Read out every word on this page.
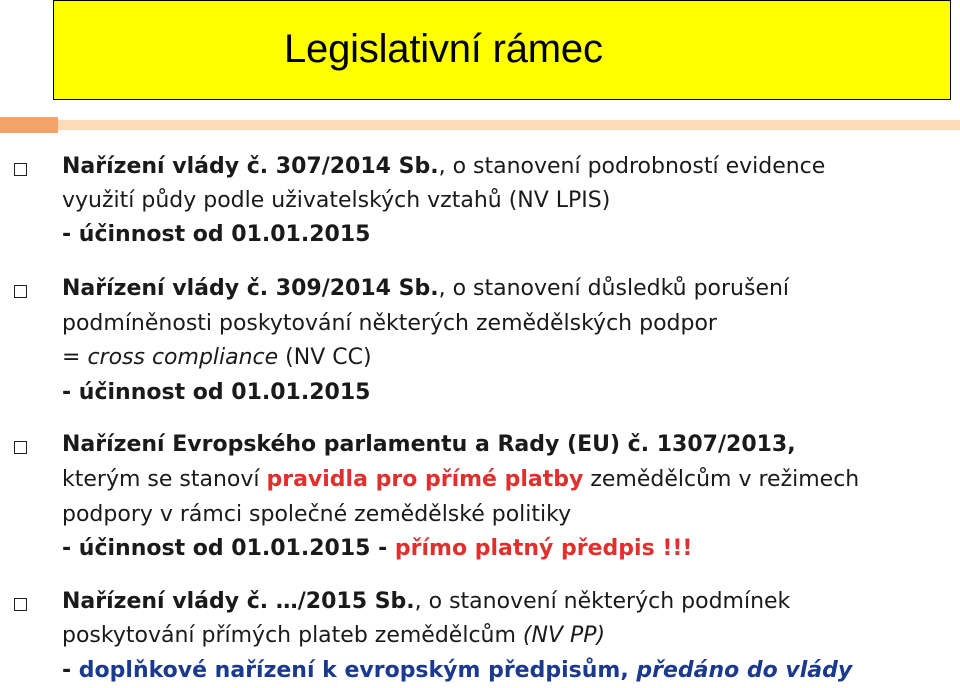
Legislativní rámec
Nařízení vlády č. 307/2014 Sb., o stanovení podrobností evidence
využití půdy podle uživatelských vztahů (NV LPIS)
- účinnost od 01.01.2015
Nařízení vlády č. 309/2014 Sb., o stanovení důsledků porušení
podmíněnosti poskytování některých zemědělských podpor
= cross compliance (NV CC)
- účinnost od 01.01.2015
Nařízení Evropského parlamentu a Rady (EU) č. 1307/2013,
kterým se stanoví pravidla pro přímé platby zemědělcům v režimech
podpory v rámci společné zemědělské politiky
- účinnost od 01.01.2015 - přímo platný předpis !!!
Nařízení vlády č. …/2015 Sb., o stanovení některých podmínek
poskytování přímých plateb zemědělcům (NV PP)
- doplňkové nařízení k evropským předpisům, předáno do vlády
